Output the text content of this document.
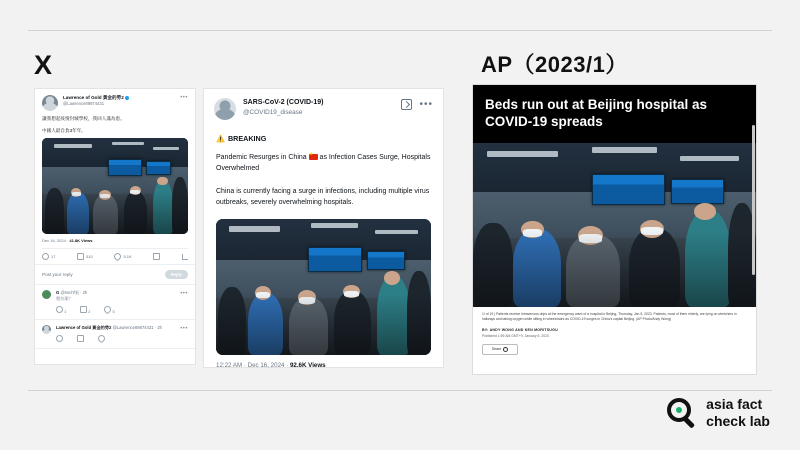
X	AP（2023/1）
•••
Lawrence of Gold 黃金的勞2
@Lawrence89874431
讓我想起疫情封城學校，我回人滿為患。
中國人最自負3年年。
Dec 16, 2024 · 41.8K Views
17	510	5.1K
Post your reply	Reply
•••
G @snchf張 · 2h
嗯拉耶？
1	2	5
•••
Lawrence of Gold 黃金的勞2 @Lawrence89874431 · 2h
SARS-CoV-2 (COVID-19)
@COVID19_disease
•••
⚠️ BREAKING
Pandemic Resurges in China ★ as Infection Cases Surge, Hospitals Overwhelmed
China is currently facing a surge in infections, including multiple virus outbreaks, severely overwhelming hospitals.
12:22 AM · Dec 16, 2024 · 92.6K Views
Beds run out at Beijing hospital as COVID-19 spreads
1/ of 19 | Patients receive intravenous drips at the emergency ward of a hospital in Beijing, Thursday, Jan 5, 2023. Patients, most of them elderly, are lying on stretchers in hallways and taking oxygen while sitting in wheelchairs as COVID-19 surges in China's capital Beijing. (AP Photo/Andy Wong)
BY: ANDY WONG AND KEN MORITSUGU
Published 1:59 AM GMT+9, January 5, 2023
Share
asia fact
check lab
